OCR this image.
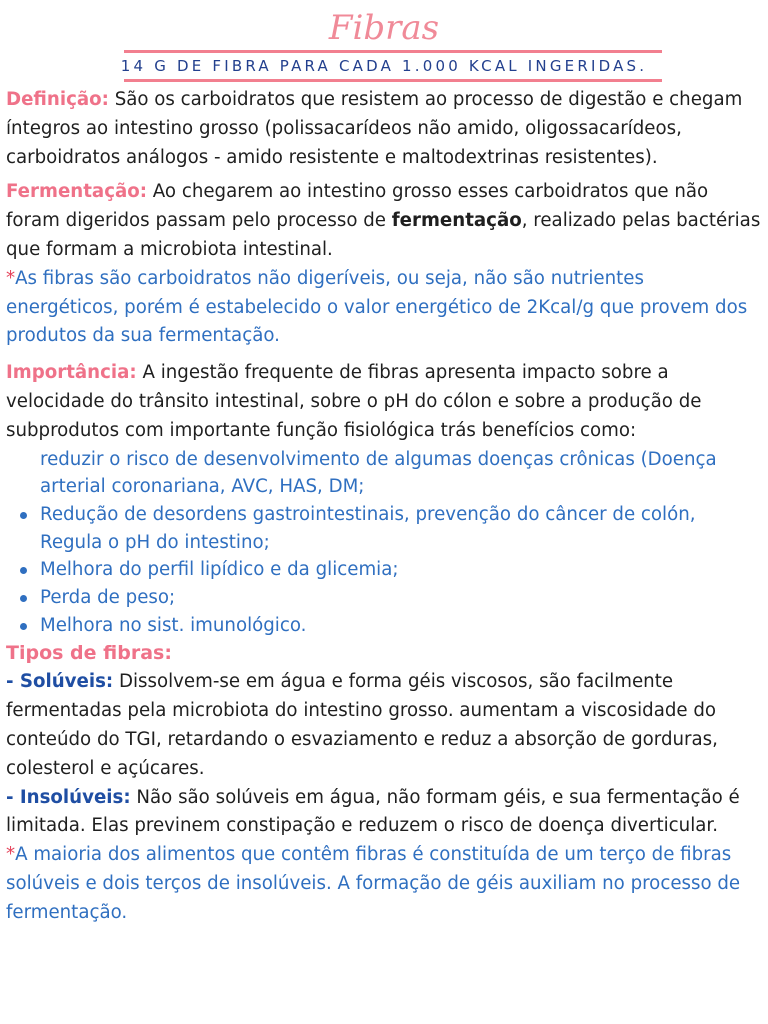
Fibras
14 G DE FIBRA PARA CADA 1.000 KCAL INGERIDAS.

Definição: São os carboidratos que resistem ao processo de digestão e chegam íntegros ao intestino grosso (polissacarídeos não amido, oligossacarídeos, carboidratos análogos - amido resistente e maltodextrinas resistentes).

Fermentação: Ao chegarem ao intestino grosso esses carboidratos que não foram digeridos passam pelo processo de fermentação, realizado pelas bactérias que formam a microbiota intestinal.

*As fibras são carboidratos não digeríveis, ou seja, não são nutrientes energéticos, porém é estabelecido o valor energético de 2Kcal/g que provem dos produtos da sua fermentação.

Importância: A ingestão frequente de fibras apresenta impacto sobre a velocidade do trânsito intestinal, sobre o pH do cólon e sobre a produção de subprodutos com importante função fisiológica trás benefícios como:

reduzir o risco de desenvolvimento de algumas doenças crônicas (Doença arterial coronariana, AVC, HAS, DM;
Redução de desordens gastrointestinais, prevenção do câncer de colón, Regula o pH do intestino;
Melhora do perfil lipídico e da glicemia;
Perda de peso;
Melhora no sist. imunológico.
Tipos de fibras:

- Solúveis: Dissolvem-se em água e forma géis viscosos, são facilmente fermentadas pela microbiota do intestino grosso. aumentam a viscosidade do conteúdo do TGI, retardando o esvaziamento e reduz a absorção de gorduras, colesterol e açúcares.

- Insolúveis: Não são solúveis em água, não formam géis, e sua fermentação é limitada. Elas previnem constipação e reduzem o risco de doença diverticular.

*A maioria dos alimentos que contêm fibras é constituída de um terço de fibras solúveis e dois terços de insolúveis. A formação de géis auxiliam no processo de fermentação.
